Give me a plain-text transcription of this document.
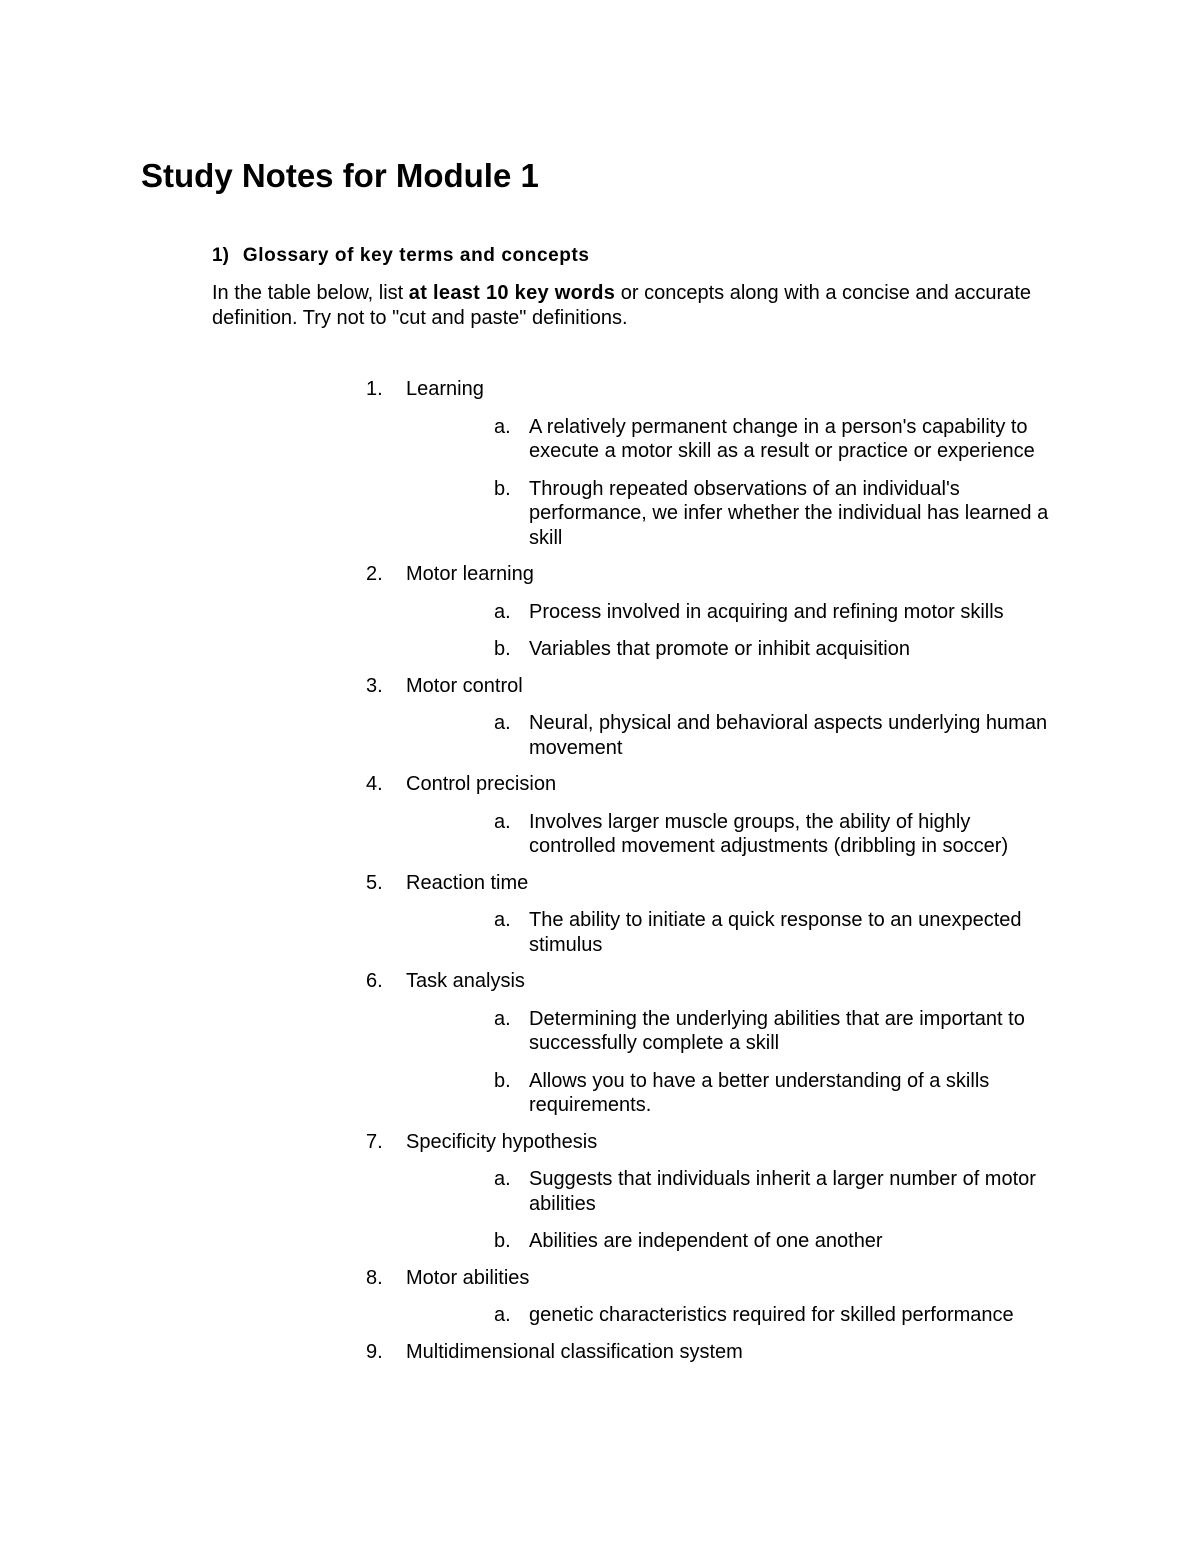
Study Notes for Module 1
1) Glossary of key terms and concepts

In the table below, list at least 10 key words or concepts along with a concise and accurate definition. Try not to "cut and paste" definitions.

1. Learning
a. A relatively permanent change in a person's capability to execute a motor skill as a result or practice or experience
b. Through repeated observations of an individual's performance, we infer whether the individual has learned a skill
2. Motor learning
a. Process involved in acquiring and refining motor skills
b. Variables that promote or inhibit acquisition
3. Motor control
a. Neural, physical and behavioral aspects underlying human movement
4. Control precision
a. Involves larger muscle groups, the ability of highly controlled movement adjustments (dribbling in soccer)
5. Reaction time
a. The ability to initiate a quick response to an unexpected stimulus
6. Task analysis
a. Determining the underlying abilities that are important to successfully complete a skill
b. Allows you to have a better understanding of a skills requirements.
7. Specificity hypothesis
a. Suggests that individuals inherit a larger number of motor abilities
b. Abilities are independent of one another
8. Motor abilities
a. genetic characteristics required for skilled performance
9. Multidimensional classification system
